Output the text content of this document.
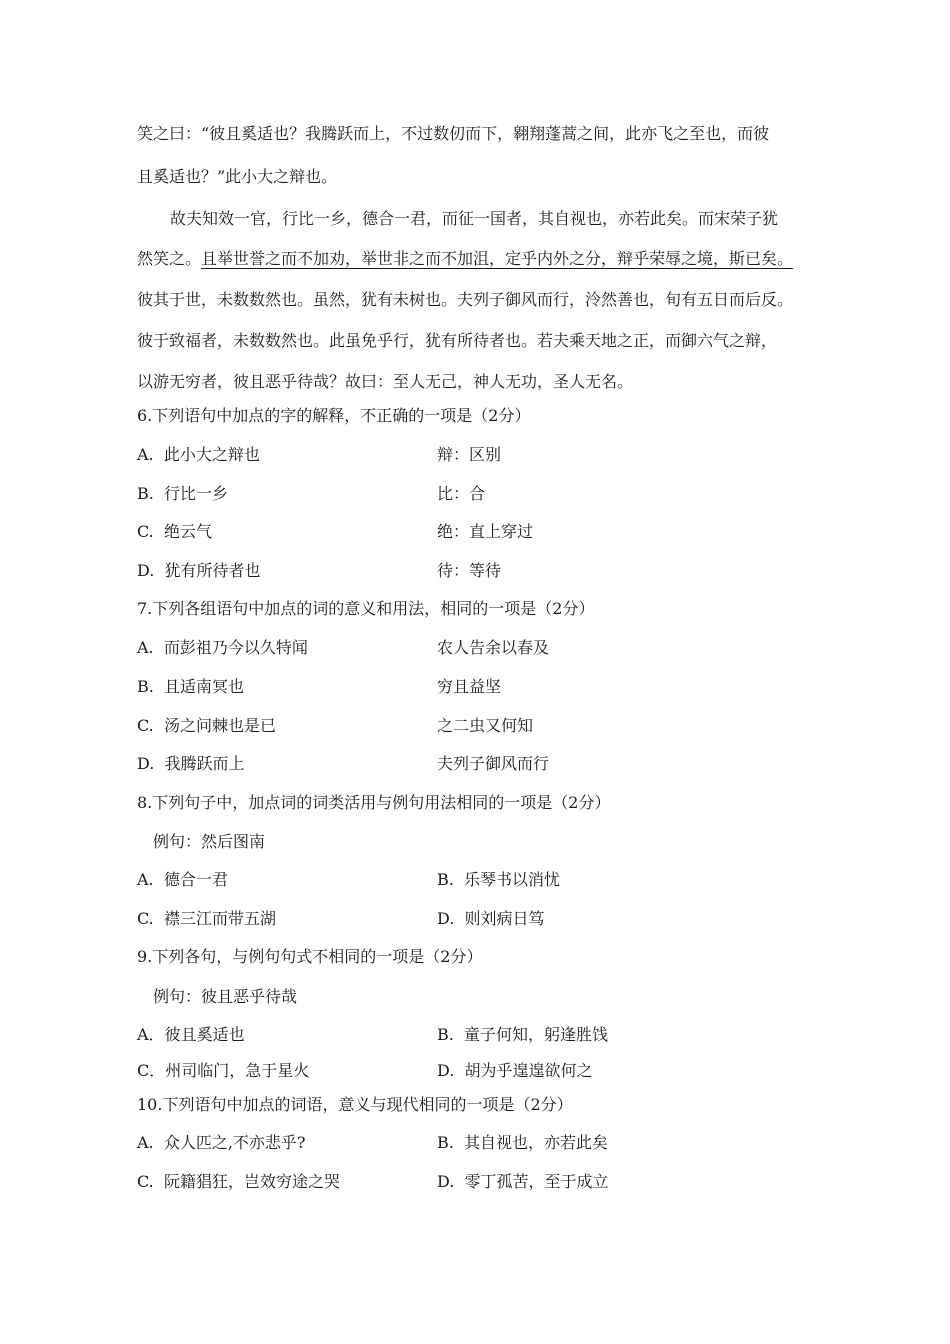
笑之曰：“彼且奚适也？我腾跃而上，不过数仞而下，翱翔蓬蒿之间，此亦飞之至也，而彼
且奚适也？”此小大之辩也。
故夫知效一官，行比一乡，德合一君，而征一国者，其自视也，亦若此矣。而宋荣子犹
然笑之。且举世誉之而不加劝，举世非之而不加沮，定乎内外之分，辩乎荣辱之境，斯已矣。
彼其于世，未数数然也。虽然，犹有未树也。夫列子御风而行，泠然善也，旬有五日而后反。
彼于致福者，未数数然也。此虽免乎行，犹有所待者也。若夫乘天地之正，而御六气之辩，
以游无穷者，彼且恶乎待哉？故曰：至人无己，神人无功，圣人无名。
6.下列语句中加点的字的解释，不正确的一项是（2分）
A. 此小大之辩也	辩：区别
B. 行比一乡	比：合
C. 绝云气	绝：直上穿过
D. 犹有所待者也	待：等待
7.下列各组语句中加点的词的意义和用法，相同的一项是（2分）
A. 而彭祖乃今以久特闻	农人告余以春及
B. 且适南冥也	穷且益坚
C. 汤之问棘也是已	之二虫又何知
D. 我腾跃而上	夫列子御风而行
8.下列句子中，加点词的词类活用与例句用法相同的一项是（2分）
例句：然后图南
A. 德合一君	B. 乐琴书以消忧
C. 襟三江而带五湖	D. 则刘病日笃
9.下列各句，与例句句式不相同的一项是（2分）
例句：彼且恶乎待哉
A．彼且奚适也	B. 童子何知，躬逢胜饯
C．州司临门，急于星火	D. 胡为乎遑遑欲何之
10.下列语句中加点的词语，意义与现代相同的一项是（2分）
A. 众人匹之,不亦悲乎?	B. 其自视也，亦若此矣
C. 阮籍猖狂，岂效穷途之哭	D. 零丁孤苦，至于成立
